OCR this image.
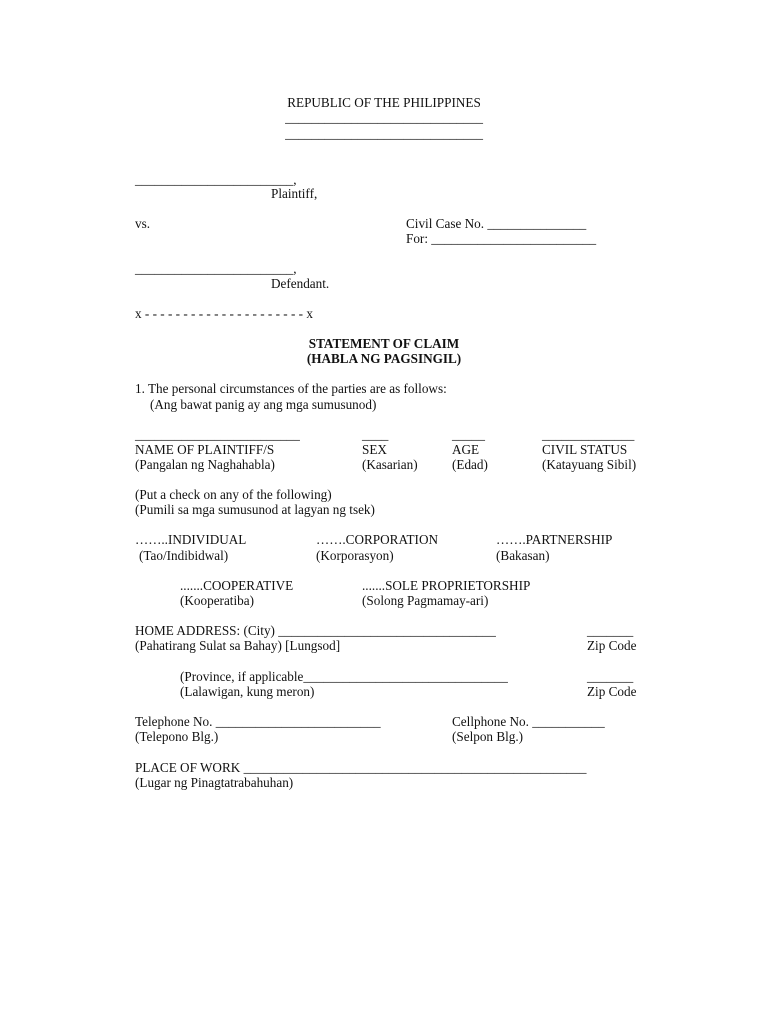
REPUBLIC OF THE PHILIPPINES
______________________________
______________________________
________________________,
Plaintiff,
vs.	Civil Case No. _______________
For: _________________________
________________________,
Defendant.
x - - - - - - - - - - - - - - - - - - - - - x
STATEMENT OF CLAIM
(HABLA NG PAGSINGIL)
1. The personal circumstances of the parties are as follows:
(Ang bawat panig ay ang mga sumusunod)
_________________________	____	_____	______________
NAME OF PLAINTIFF/S	SEX	AGE	CIVIL STATUS
(Pangalan ng Naghahabla)	(Kasarian)	(Edad)	(Katayuang Sibil)
(Put a check on any of the following)
(Pumili sa mga sumusunod at lagyan ng tsek)
……..INDIVIDUAL	…….CORPORATION	…….PARTNERSHIP
(Tao/Indibidwal)	(Korporasyon)	(Bakasan)
.......COOPERATIVE	.......SOLE PROPRIETORSHIP
(Kooperatiba)	(Solong Pagmamay-ari)
HOME ADDRESS: (City) _________________________________	_______
(Pahatirang Sulat sa Bahay) [Lungsod]	Zip Code
(Province, if applicable_______________________________	_______
(Lalawigan, kung meron)	Zip Code
Telephone No. _________________________	Cellphone No. ___________
(Telepono Blg.)	(Selpon Blg.)
PLACE OF WORK ____________________________________________________
(Lugar ng Pinagtatrabahuhan)
